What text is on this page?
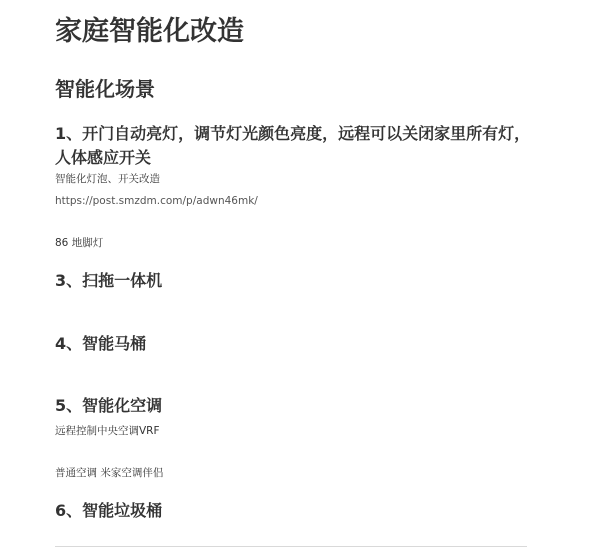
家庭智能化改造
智能化场景
1、开门自动亮灯，调节灯光颜色亮度，远程可以关闭家里所有灯，人体感应开关

智能化灯泡、开关改造

https://post.smzdm.com/p/adwn46mk/

86 地脚灯

3、扫拖一体机
4、智能马桶
5、智能化空调

远程控制中央空调VRF

普通空调 米家空调伴侣

6、智能垃圾桶
